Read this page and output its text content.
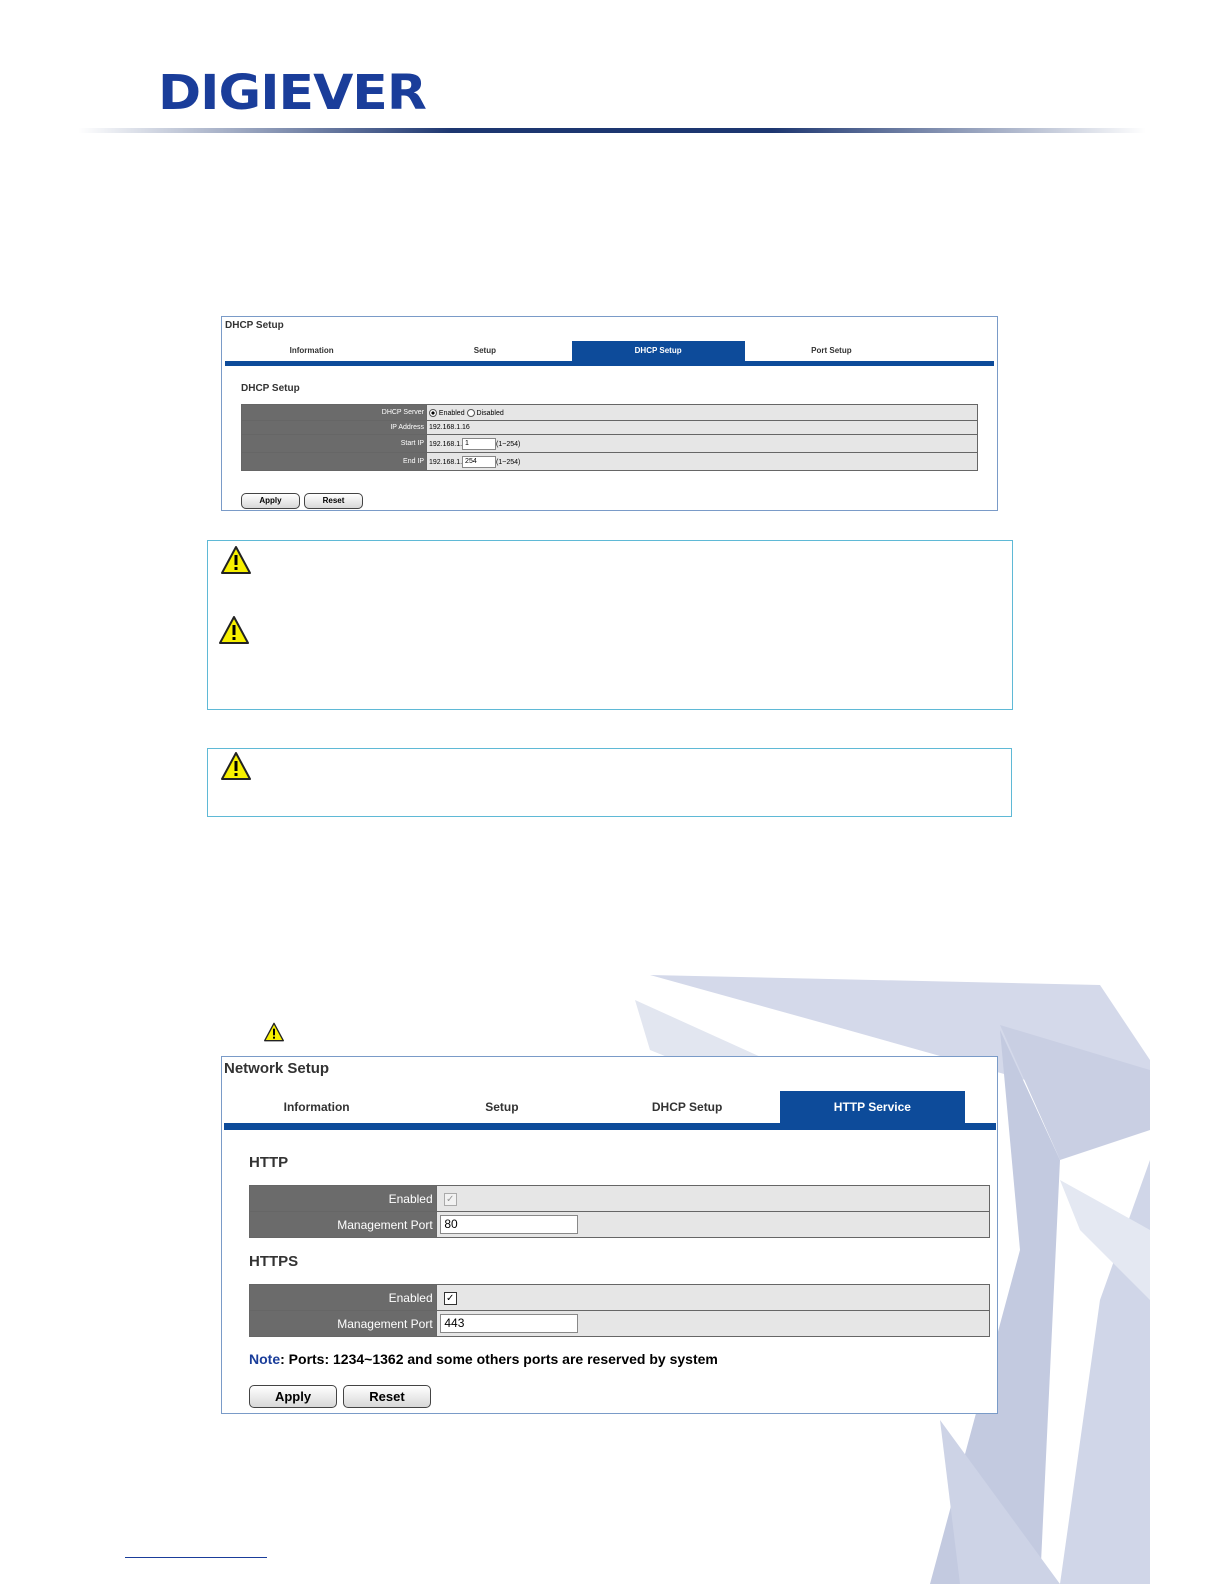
DIGIEVER
DHCP Setup
Information	Setup	DHCP Setup	Port Setup
DHCP Setup
DHCP Server	Enabled Disabled
IP Address	192.168.1.16
Start IP	192.168.1. 1 (1~254)
End IP	192.168.1. 254 (1~254)
Apply	Reset
Network Setup
Information	Setup	DHCP Setup	HTTP Service
HTTP
Enabled	✓
Management Port	80
HTTPS
Enabled	✓
Management Port	443
Note: Ports: 1234~1362 and some others ports are reserved by system
Apply	Reset
